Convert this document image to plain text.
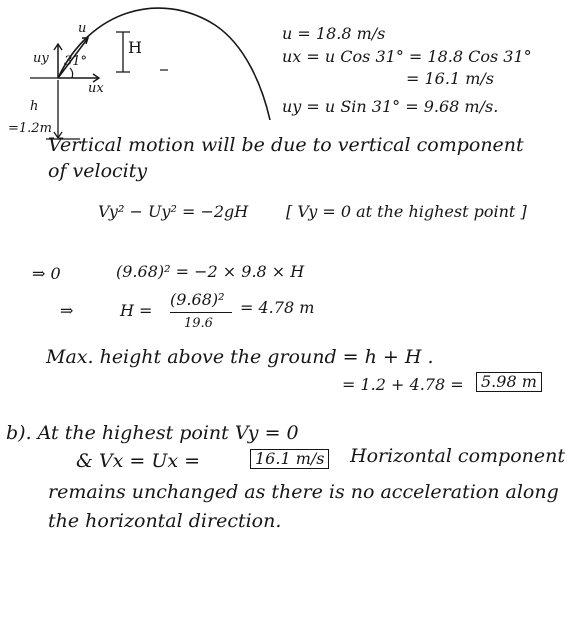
u
uy 31°
ux
H
h
=1.2m
u = 18.8 m/s
ux = u Cos 31° = 18.8 Cos 31°
= 16.1 m/s
uy = u Sin 31° = 9.68 m/s.
Vertical motion will be due to vertical component
of velocity
Vy² − Uy² = −2gH [ Vy = 0 at the highest point ]
⇒ 0	(9.68)² = −2 × 9.8 × H
⇒	H =
(9.68)²
19.6
= 4.78 m
Max. height above the ground = h + H .
= 1.2 + 4.78 =	5.98 m
b). At the highest point Vy = 0
& Vx = Ux =	16.1 m/s Horizontal component
remains unchanged as there is no acceleration along
the horizontal direction.
